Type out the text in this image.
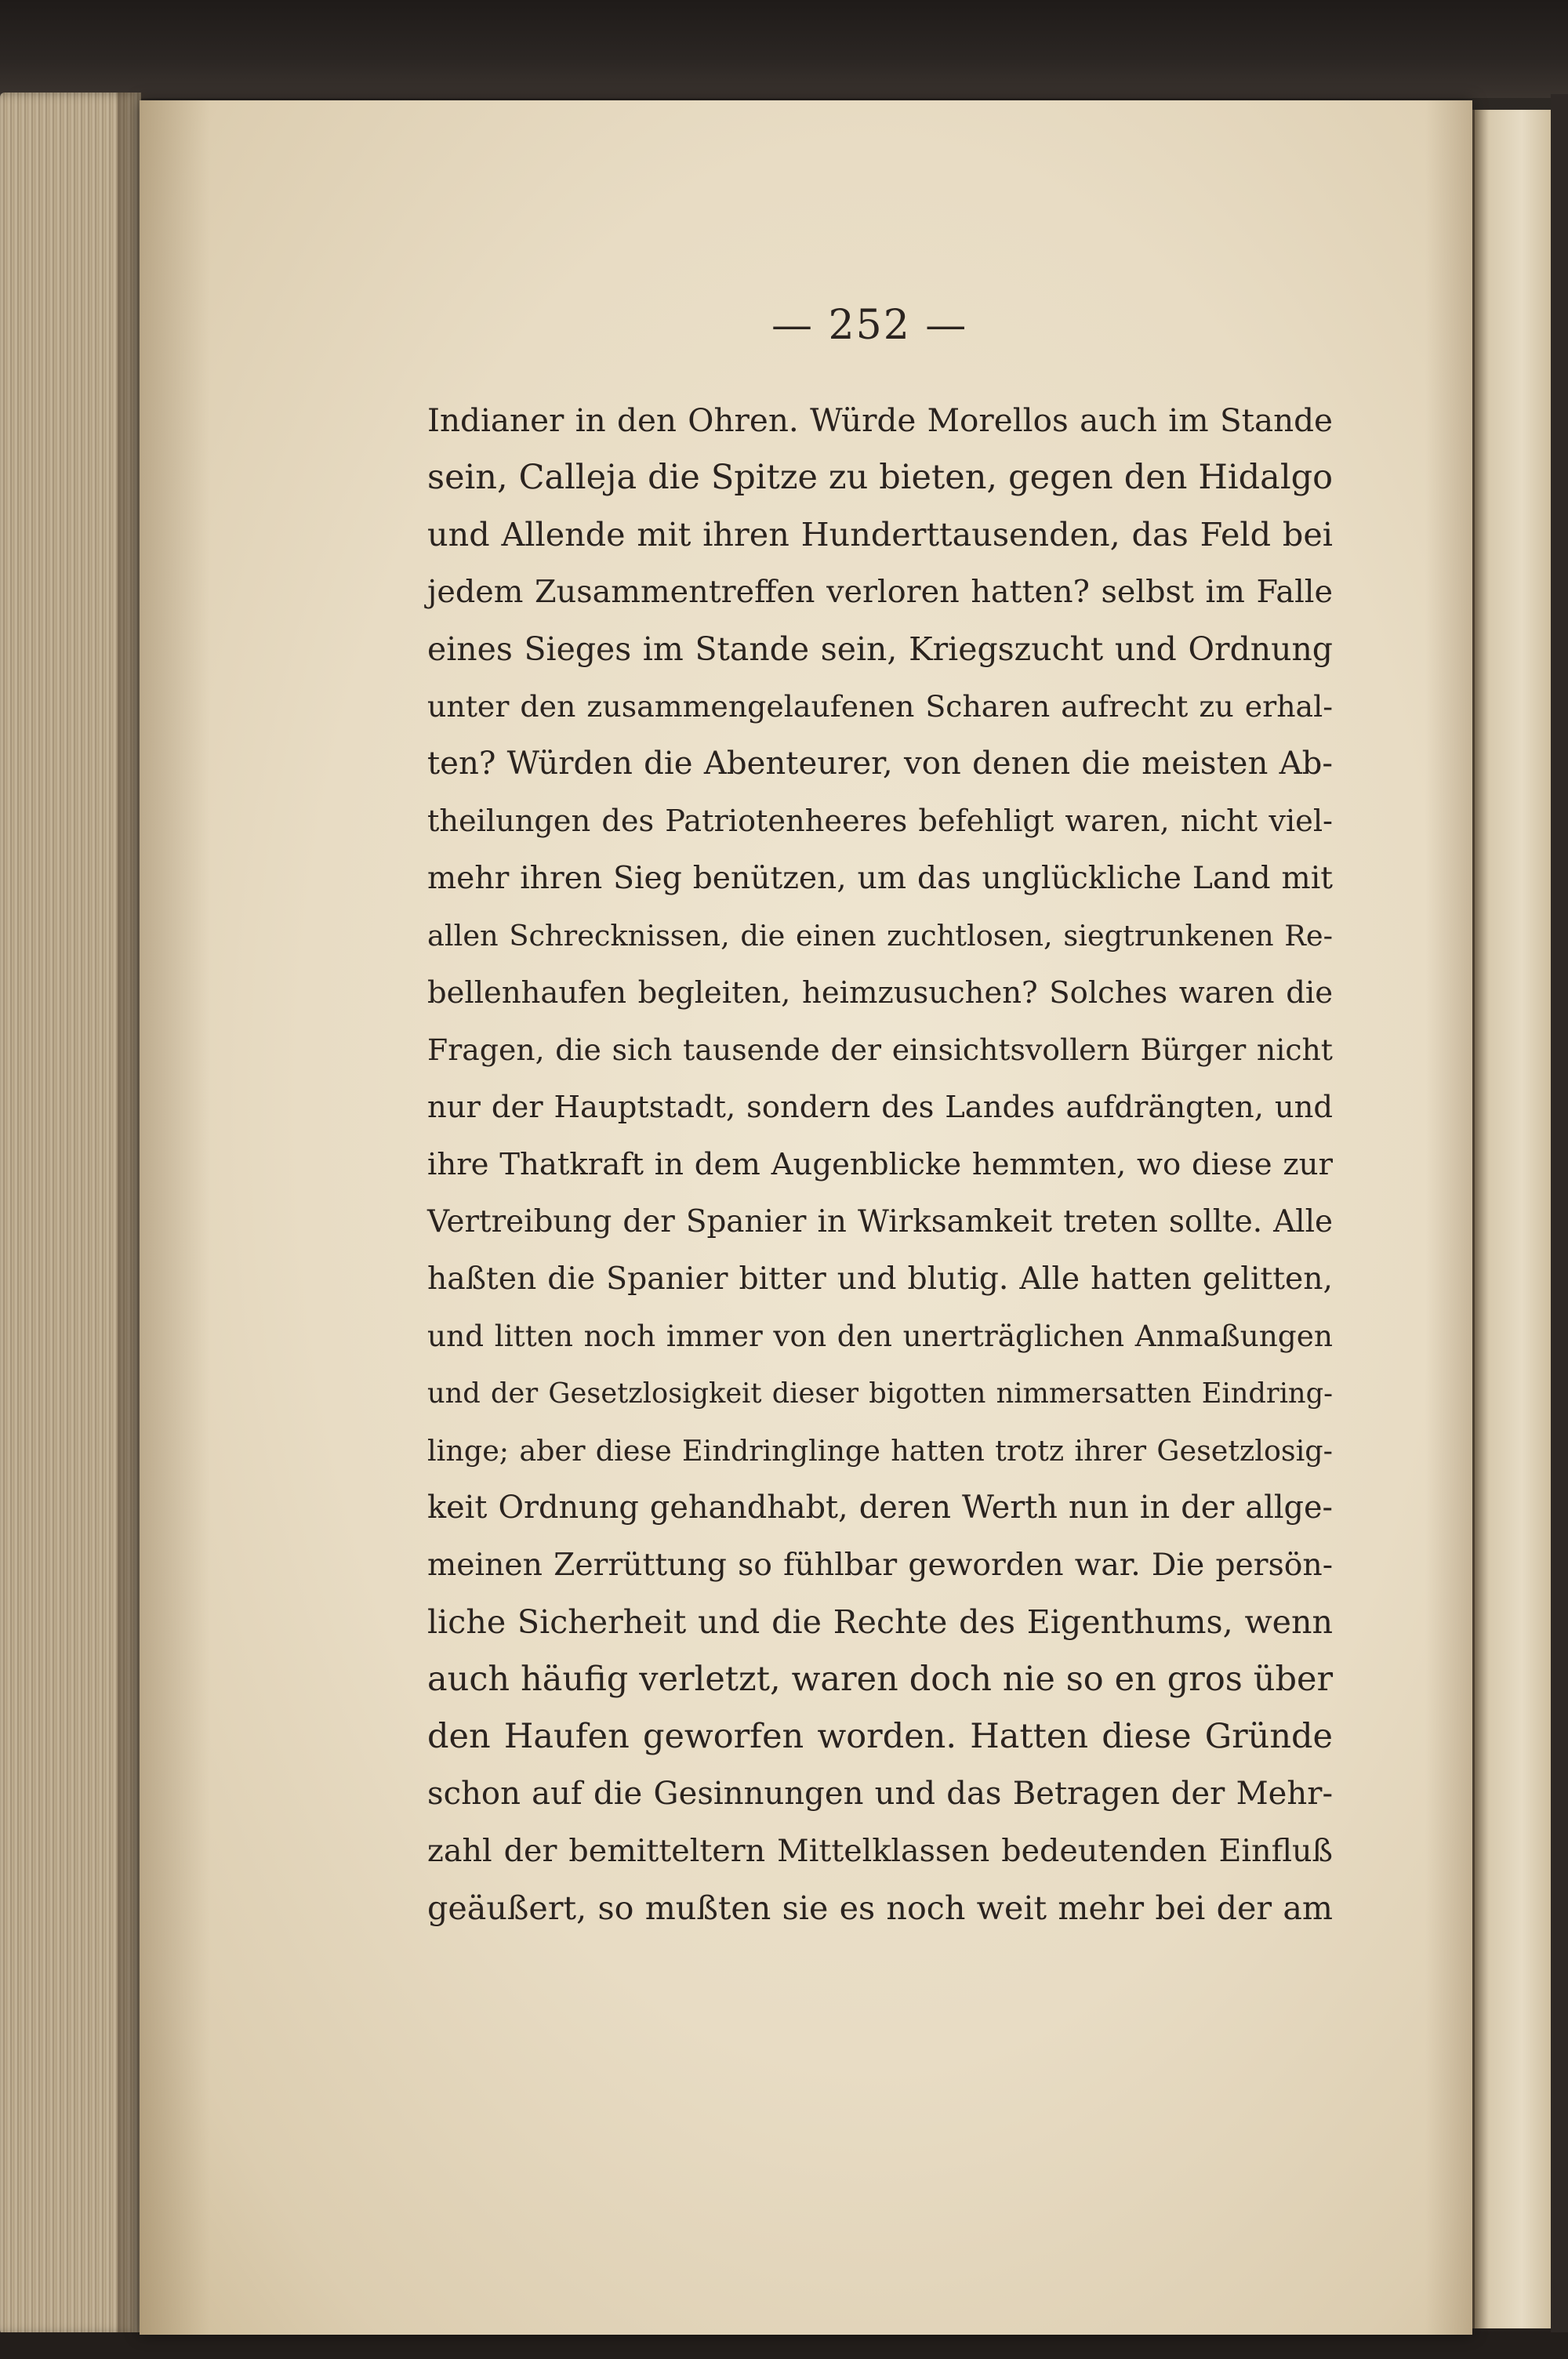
— 252 —
Indianer in den Ohren. Würde Morellos auch im Stande
sein, Calleja die Spitze zu bieten, gegen den Hidalgo
und Allende mit ihren Hunderttausenden, das Feld bei
jedem Zusammentreffen verloren hatten? selbst im Falle
eines Sieges im Stande sein, Kriegszucht und Ordnung
unter den zusammengelaufenen Scharen aufrecht zu erhal-
ten? Würden die Abenteurer, von denen die meisten Ab-
theilungen des Patriotenheeres befehligt waren, nicht viel-
mehr ihren Sieg benützen, um das unglückliche Land mit
allen Schrecknissen, die einen zuchtlosen, siegtrunkenen Re-
bellenhaufen begleiten, heimzusuchen? Solches waren die
Fragen, die sich tausende der einsichtsvollern Bürger nicht
nur der Hauptstadt, sondern des Landes aufdrängten, und
ihre Thatkraft in dem Augenblicke hemmten, wo diese zur
Vertreibung der Spanier in Wirksamkeit treten sollte. Alle
haßten die Spanier bitter und blutig. Alle hatten gelitten,
und litten noch immer von den unerträglichen Anmaßungen
und der Gesetzlosigkeit dieser bigotten nimmersatten Eindring-
linge; aber diese Eindringlinge hatten trotz ihrer Gesetzlosig-
keit Ordnung gehandhabt, deren Werth nun in der allge-
meinen Zerrüttung so fühlbar geworden war. Die persön-
liche Sicherheit und die Rechte des Eigenthums, wenn
auch häufig verletzt, waren doch nie so en gros über
den Haufen geworfen worden. Hatten diese Gründe
schon auf die Gesinnungen und das Betragen der Mehr-
zahl der bemitteltern Mittelklassen bedeutenden Einfluß
geäußert, so mußten sie es noch weit mehr bei der am
